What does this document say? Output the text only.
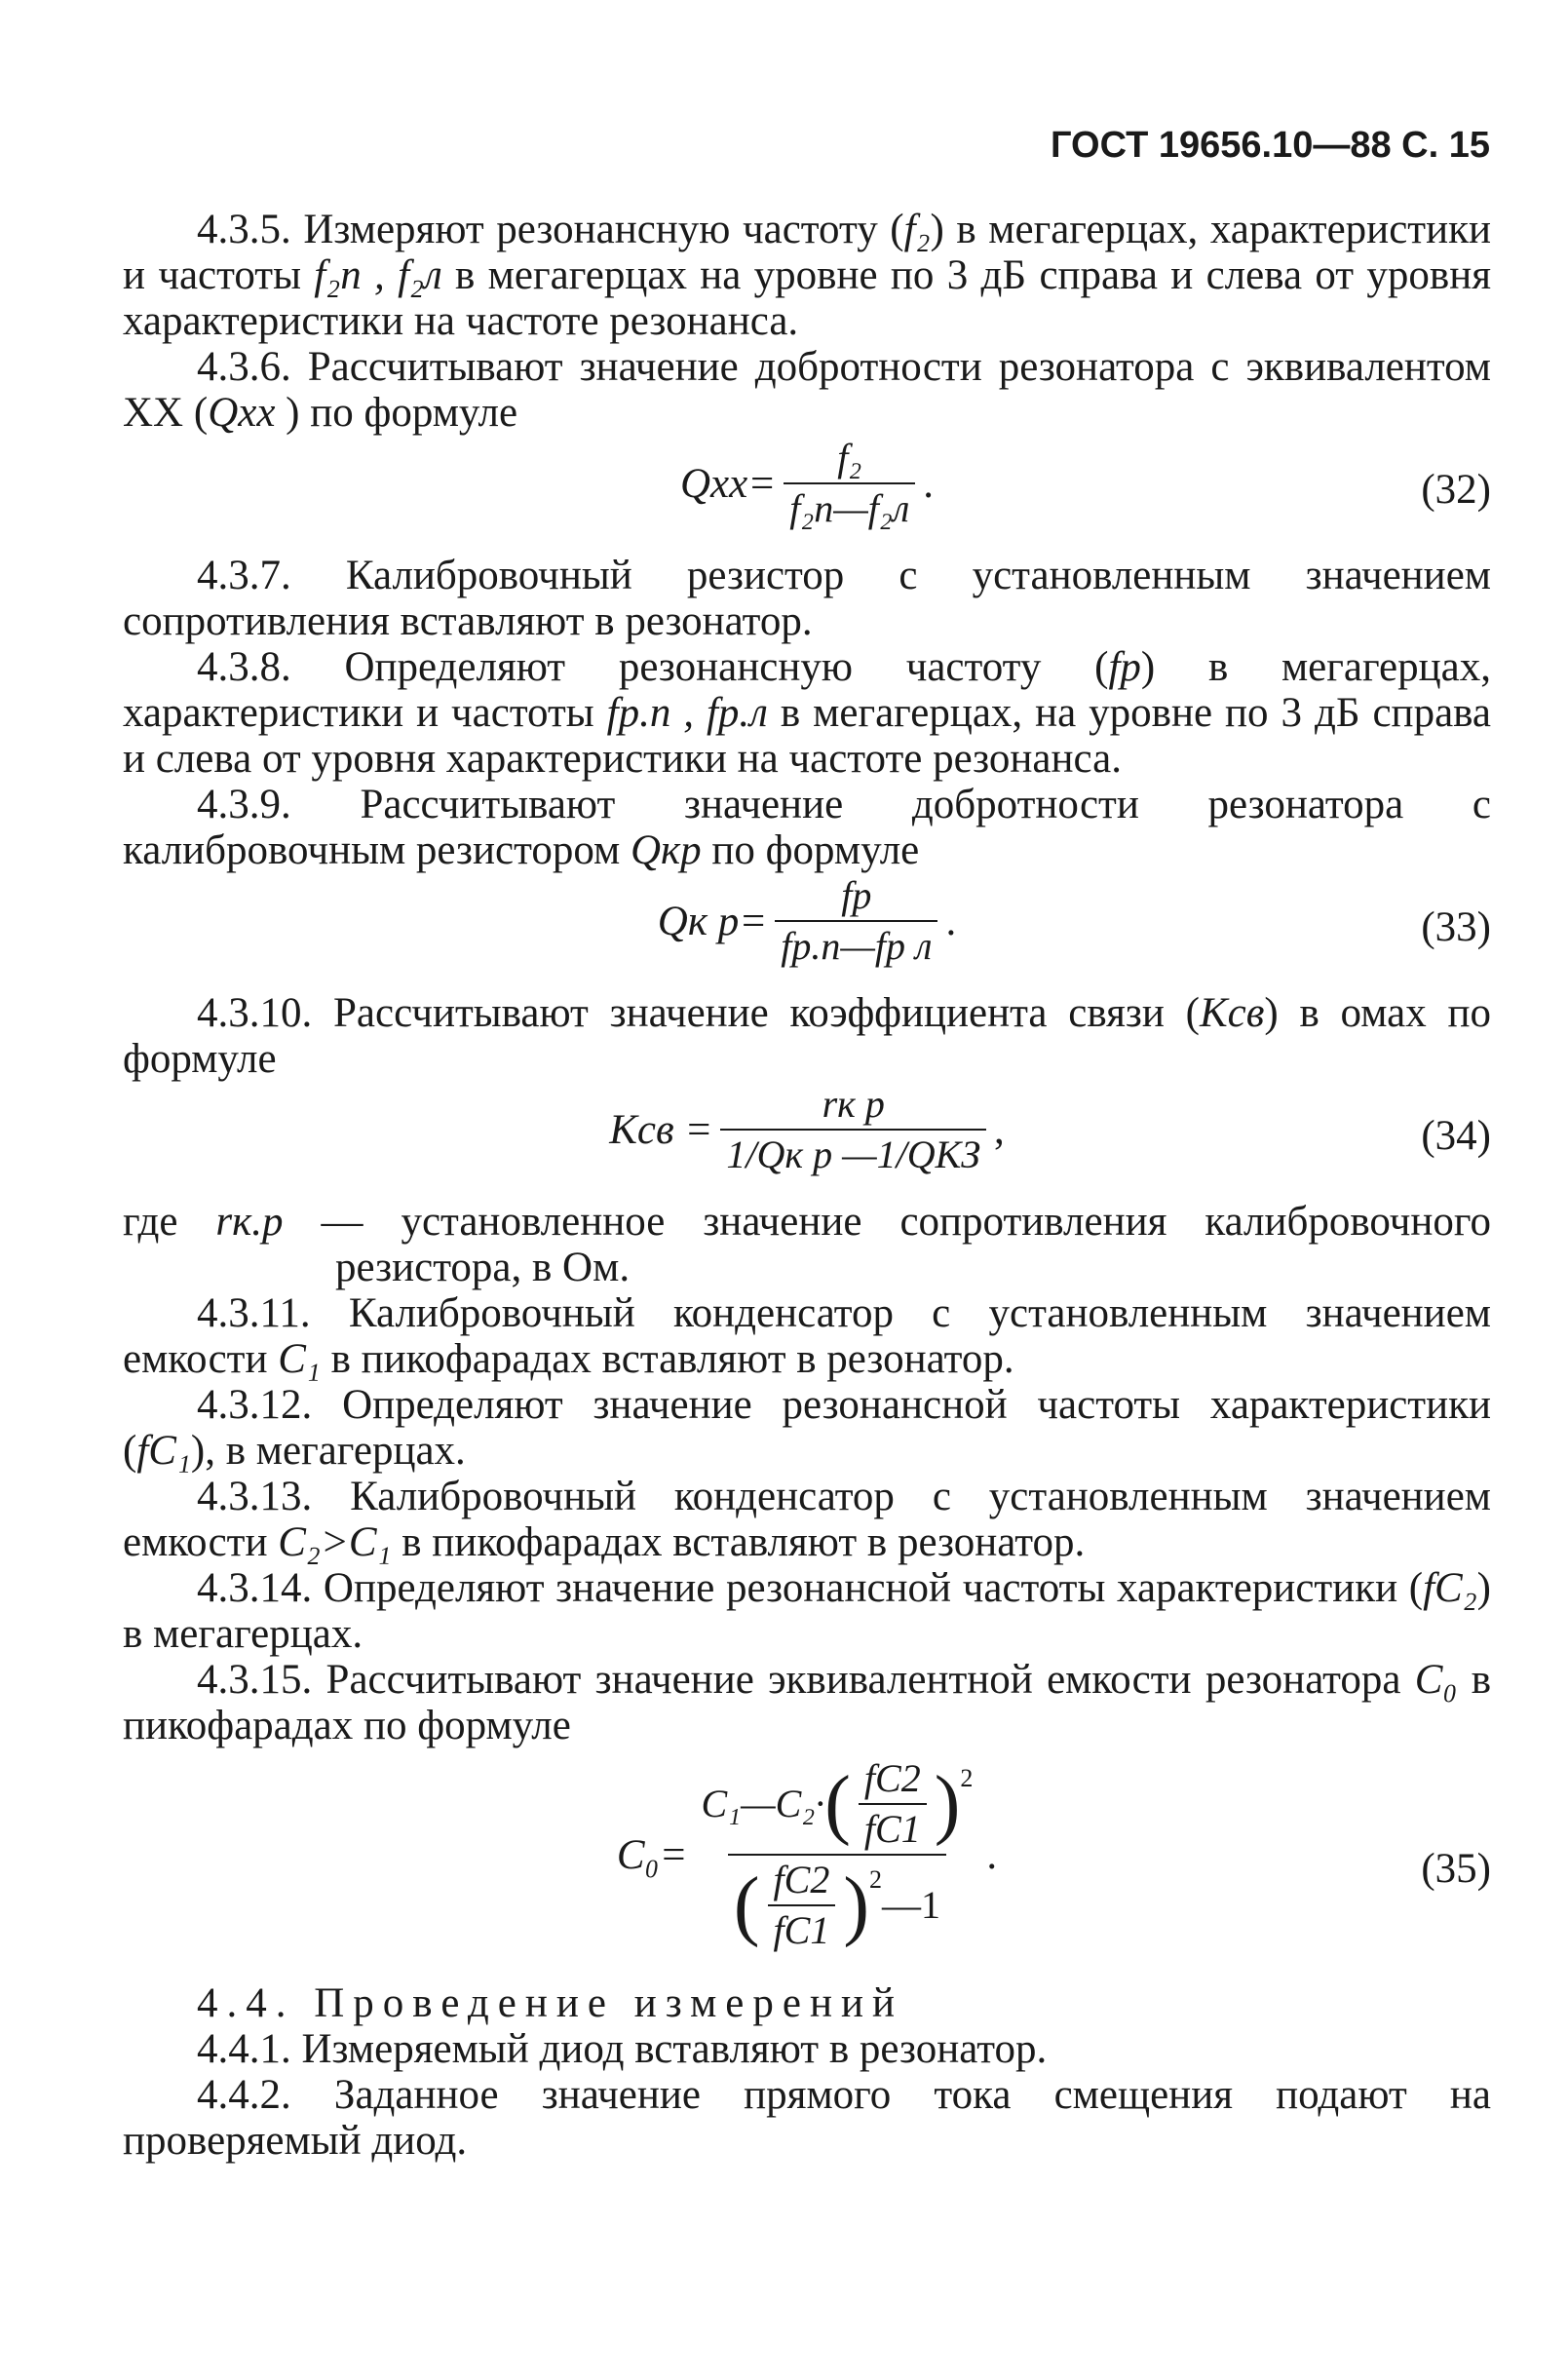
ГОСТ 19656.10—88 С. 15

4.3.5. Измеряют резонансную частоту (f₂) в мегагерцах, характеристики и частоты f₂п , f₂л в мегагерцах на уровне по 3 дБ справа и слева от уровня характеристики на частоте резонанса.

4.3.6. Рассчитывают значение добротности резонатора с эквивалентом XX (Qxx ) по формуле

$Qxx= \frac{\text{f₂}}{\text{f₂п—f₂л}}$ .	(32)

4.3.7. Калибровочный резистор с установленным значением сопротивления вставляют в резонатор.

4.3.8. Определяют резонансную частоту (fр) в мегагерцах, характеристики и частоты fр.п , fр.л в мегагерцах, на уровне по 3 дБ справа и слева от уровня характеристики на частоте резонанса.

4.3.9. Рассчитывают значение добротности резонатора с калибровочным резистором Qкр по формуле

Qк $р= \frac{fр}{\text{fр.п—fр л}}$ .	(33)

4.3.10. Рассчитывают значение коэффициента связи (Kсв) в омах по формуле

Kсв = $\frac{\text{rк р}}{\text{1/Qк р —1/QКЗ}}$ ,	(34)

где rк.р — установленное значение сопротивления калибровочного резистора, в Ом.

4.3.11. Калибровочный конденсатор с установленным значением емкости C₁ в пикофарадах вставляют в резонатор.

4.3.12. Определяют значение резонансной частоты характеристики (fC₁), в мегагерцах.

4.3.13. Калибровочный конденсатор с установленным значением емкости C₂>C₁ в пикофарадах вставляют в резонатор.

4.3.14. Определяют значение резонансной частоты характеристики (fC₂) в мегагерцах.

4.3.15. Рассчитывают значение эквивалентной емкости резонатора C₀ в пикофарадах по формуле

C₀= C₁—C₂· ( $\frac{fC2}{fC1} )^2$
( $\frac{fC2}{fC1} )^2$
—1 .	(35)

4.4. Проведение измерений

4.4.1. Измеряемый диод вставляют в резонатор.

4.4.2. Заданное значение прямого тока смещения подают на проверяемый диод.
